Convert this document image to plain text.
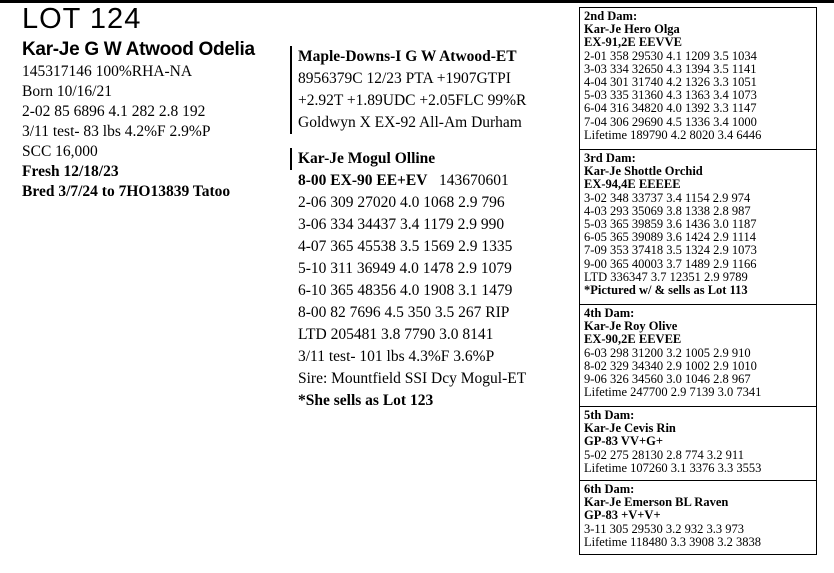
LOT 124
Kar-Je G W Atwood Odelia
145317146 100%RHA-NA
Born 10/16/21
2-02 85 6896 4.1 282 2.8 192
3/11 test- 83 lbs 4.2%F 2.9%P
SCC 16,000
Fresh 12/18/23
Bred 3/7/24 to 7HO13839 Tatoo
Maple-Downs-I G W Atwood-ET
8956379C 12/23 PTA +1907GTPI
+2.92T +1.89UDC +2.05FLC 99%R
Goldwyn X EX-92 All-Am Durham
Kar-Je Mogul Olline
8-00 EX-90 EE+EV 143670601
2-06 309 27020 4.0 1068 2.9 796
3-06 334 34437 3.4 1179 2.9 990
4-07 365 45538 3.5 1569 2.9 1335
5-10 311 36949 4.0 1478 2.9 1079
6-10 365 48356 4.0 1908 3.1 1479
8-00 82 7696 4.5 350 3.5 267 RIP
LTD 205481 3.8 7790 3.0 8141
3/11 test- 101 lbs 4.3%F 3.6%P
Sire: Mountfield SSI Dcy Mogul-ET
*She sells as Lot 123
2nd Dam:
Kar-Je Hero Olga
EX-91,2E EEVVE
2-01 358 29530 4.1 1209 3.5 1034
3-03 334 32650 4.3 1394 3.5 1141
4-04 301 31740 4.2 1326 3.3 1051
5-03 335 31360 4.3 1363 3.4 1073
6-04 316 34820 4.0 1392 3.3 1147
7-04 306 29690 4.5 1336 3.4 1000
Lifetime 189790 4.2 8020 3.4 6446
3rd Dam:
Kar-Je Shottle Orchid
EX-94,4E EEEEE
3-02 348 33737 3.4 1154 2.9 974
4-03 293 35069 3.8 1338 2.8 987
5-03 365 39859 3.6 1436 3.0 1187
6-05 365 39089 3.6 1424 2.9 1114
7-09 353 37418 3.5 1324 2.9 1073
9-00 365 40003 3.7 1489 2.9 1166
LTD 336347 3.7 12351 2.9 9789
*Pictured w/ & sells as Lot 113
4th Dam:
Kar-Je Roy Olive
EX-90,2E EEVEE
6-03 298 31200 3.2 1005 2.9 910
8-02 329 34340 2.9 1002 2.9 1010
9-06 326 34560 3.0 1046 2.8 967
Lifetime 247700 2.9 7139 3.0 7341
5th Dam:
Kar-Je Cevis Rin
GP-83 VV+G+
5-02 275 28130 2.8 774 3.2 911
Lifetime 107260 3.1 3376 3.3 3553
6th Dam:
Kar-Je Emerson BL Raven
GP-83 +V+V+
3-11 305 29530 3.2 932 3.3 973
Lifetime 118480 3.3 3908 3.2 3838
